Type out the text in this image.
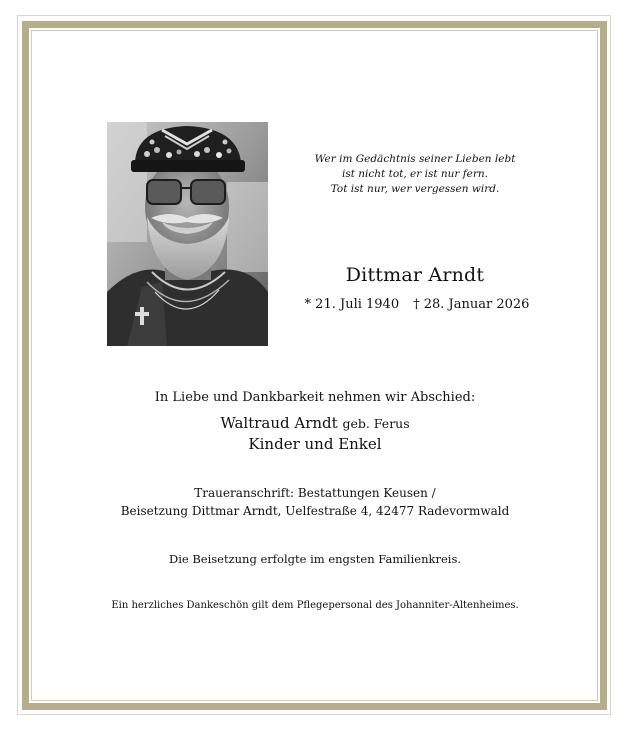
Wer im Gedächtnis seiner Lieben lebt
ist nicht tot, er ist nur fern.
Tot ist nur, wer vergessen wird.
Dittmar Arndt
* 21. Juli 1940 † 28. Januar 2026
In Liebe und Dankbarkeit nehmen wir Abschied:
Waltraud Arndt geb. Ferus
Kinder und Enkel
Traueranschrift: Bestattungen Keusen /
Beisetzung Dittmar Arndt, Uelfestraße 4, 42477 Radevormwald
Die Beisetzung erfolgte im engsten Familienkreis.
Ein herzliches Dankeschön gilt dem Pflegepersonal des Johanniter-Altenheimes.
